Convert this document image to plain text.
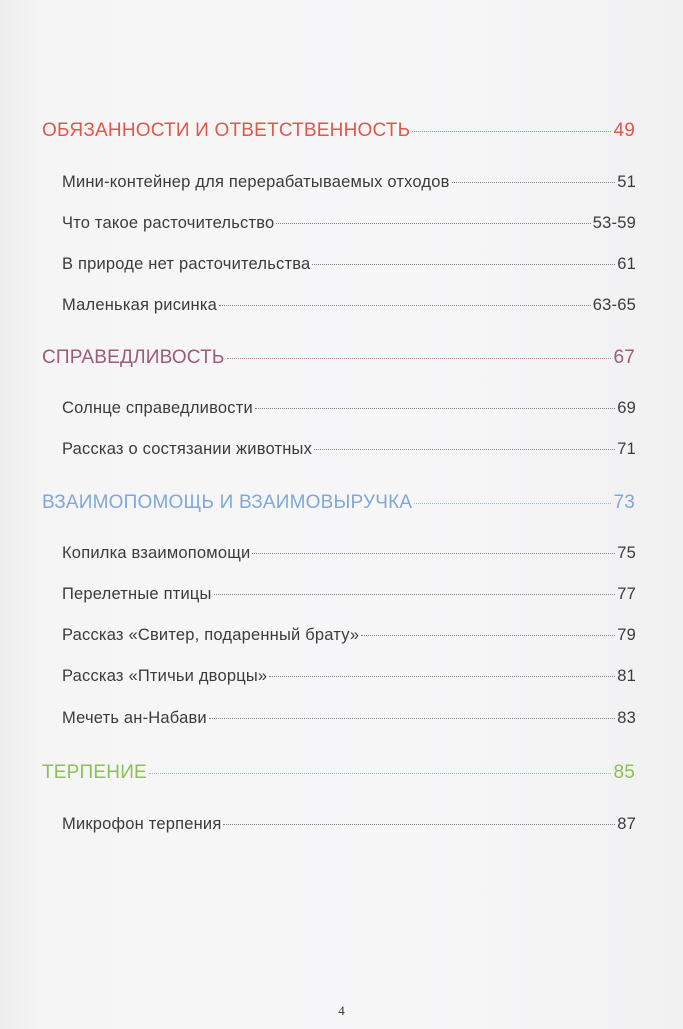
ОБЯЗАННОСТИ И ОТВЕТСТВЕННОСТЬ	49
Мини-контейнер для перерабатываемых отходов	51
Что такое расточительство	53-59
В природе нет расточительства	61
Маленькая рисинка	63-65
СПРАВЕДЛИВОСТЬ	67
Солнце справедливости	69
Рассказ о состязании животных	71
ВЗАИМОПОМОЩЬ И ВЗАИМОВЫРУЧКА	73
Копилка взаимопомощи	75
Перелетные птицы	77
Рассказ «Свитер, подаренный брату»	79
Рассказ «Птичьи дворцы»	81
Мечеть ан-Набави	83
ТЕРПЕНИЕ	85
Микрофон терпения	87
4
